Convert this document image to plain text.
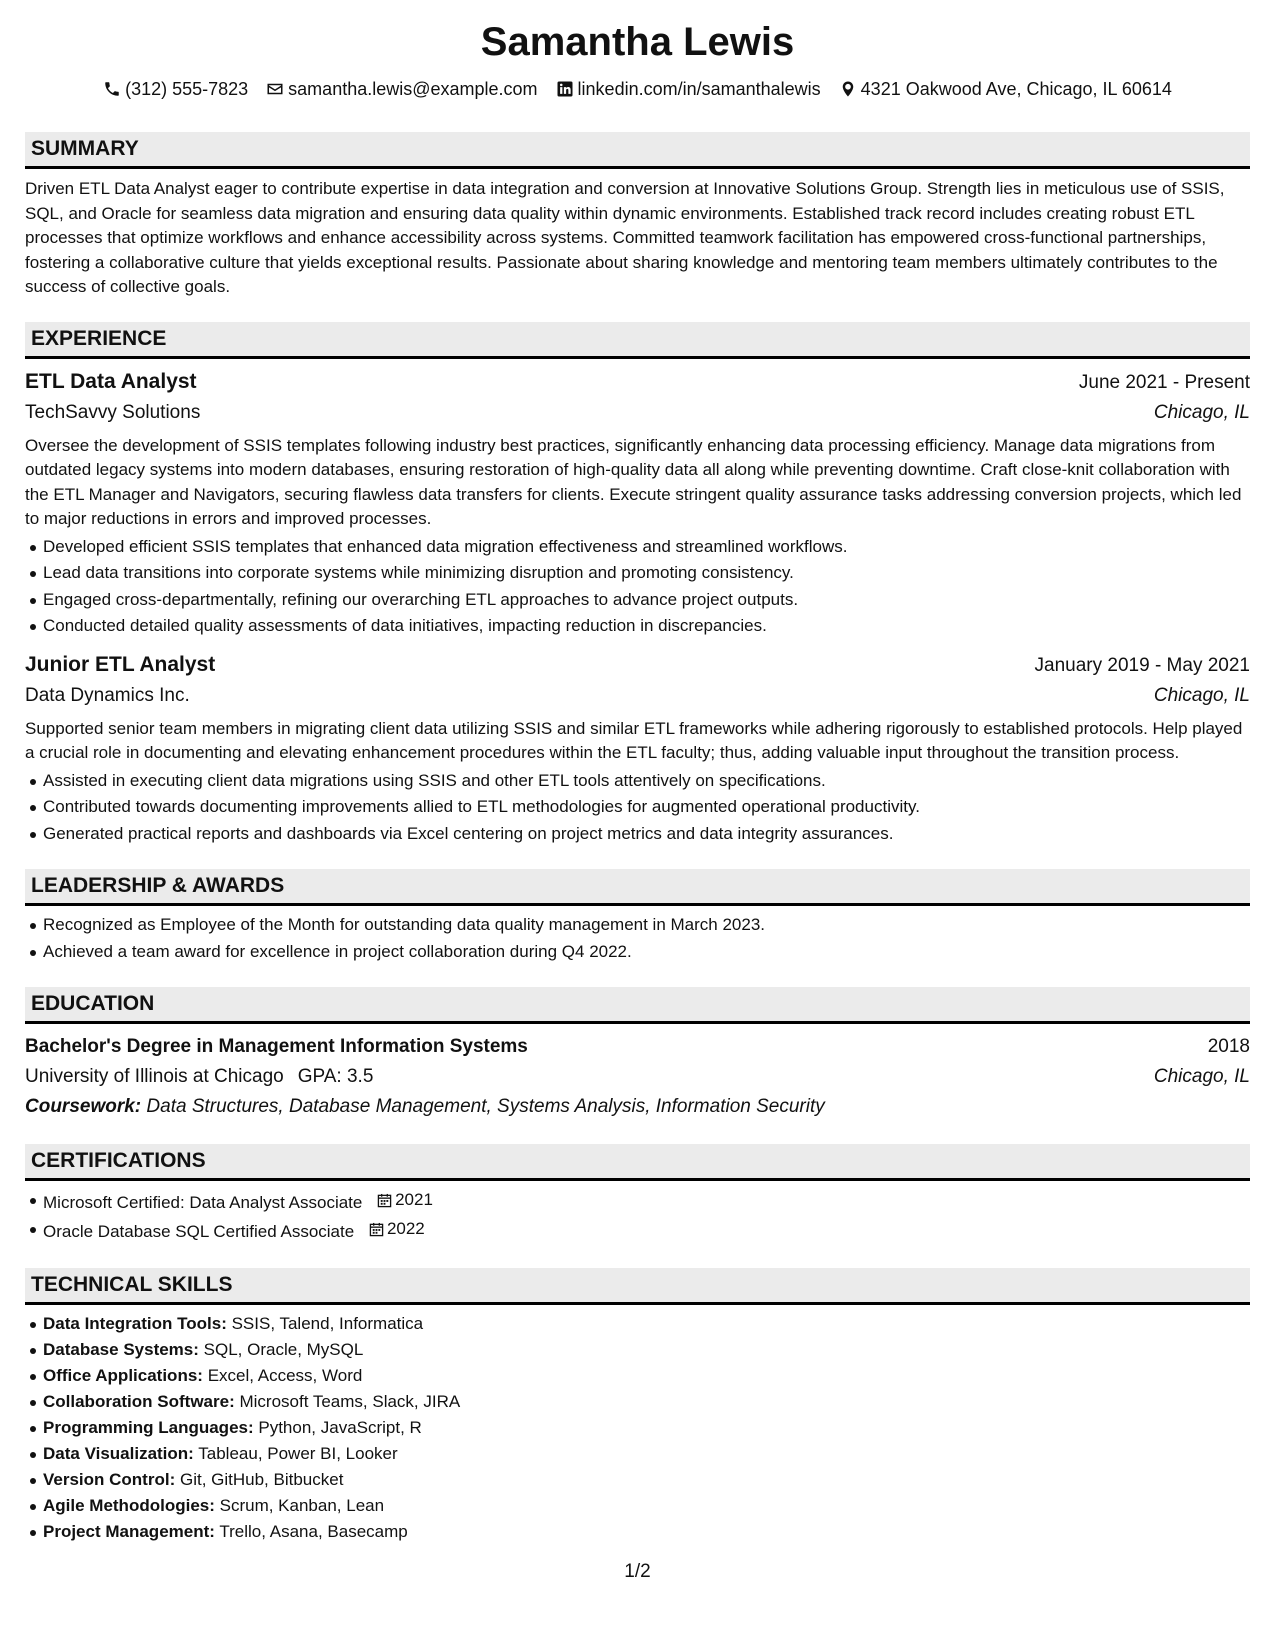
Samantha Lewis
(312) 555-7823 samantha.lewis@example.com linkedin.com/in/samanthalewis 4321 Oakwood Ave, Chicago, IL 60614
SUMMARY

Driven ETL Data Analyst eager to contribute expertise in data integration and conversion at Innovative Solutions Group. Strength lies in meticulous use of SSIS, SQL, and Oracle for seamless data migration and ensuring data quality within dynamic environments. Established track record includes creating robust ETL processes that optimize workflows and enhance accessibility across systems. Committed teamwork facilitation has empowered cross-functional partnerships, fostering a collaborative culture that yields exceptional results. Passionate about sharing knowledge and mentoring team members ultimately contributes to the success of collective goals.

EXPERIENCE
ETL Data Analyst	June 2021 - Present
TechSavvy Solutions	Chicago, IL

Oversee the development of SSIS templates following industry best practices, significantly enhancing data processing efficiency. Manage data migrations from outdated legacy systems into modern databases, ensuring restoration of high-quality data all along while preventing downtime. Craft close-knit collaboration with the ETL Manager and Navigators, securing flawless data transfers for clients. Execute stringent quality assurance tasks addressing conversion projects, which led to major reductions in errors and improved processes.

Developed efficient SSIS templates that enhanced data migration effectiveness and streamlined workflows.
Lead data transitions into corporate systems while minimizing disruption and promoting consistency.
Engaged cross-departmentally, refining our overarching ETL approaches to advance project outputs.
Conducted detailed quality assessments of data initiatives, impacting reduction in discrepancies.
Junior ETL Analyst	January 2019 - May 2021
Data Dynamics Inc.	Chicago, IL

Supported senior team members in migrating client data utilizing SSIS and similar ETL frameworks while adhering rigorously to established protocols. Help played a crucial role in documenting and elevating enhancement procedures within the ETL faculty; thus, adding valuable input throughout the transition process.

Assisted in executing client data migrations using SSIS and other ETL tools attentively on specifications.
Contributed towards documenting improvements allied to ETL methodologies for augmented operational productivity.
Generated practical reports and dashboards via Excel centering on project metrics and data integrity assurances.
LEADERSHIP & AWARDS
Recognized as Employee of the Month for outstanding data quality management in March 2023.
Achieved a team award for excellence in project collaboration during Q4 2022.
EDUCATION
Bachelor's Degree in Management Information Systems	2018
University of Illinois at Chicago GPA: 3.5	Chicago, IL
Coursework: Data Structures, Database Management, Systems Analysis, Information Security
CERTIFICATIONS
Microsoft Certified: Data Analyst Associate 2021
Oracle Database SQL Certified Associate 2022
TECHNICAL SKILLS
Data Integration Tools: SSIS, Talend, Informatica
Database Systems: SQL, Oracle, MySQL
Office Applications: Excel, Access, Word
Collaboration Software: Microsoft Teams, Slack, JIRA
Programming Languages: Python, JavaScript, R
Data Visualization: Tableau, Power BI, Looker
Version Control: Git, GitHub, Bitbucket
Agile Methodologies: Scrum, Kanban, Lean
Project Management: Trello, Asana, Basecamp
1/2
